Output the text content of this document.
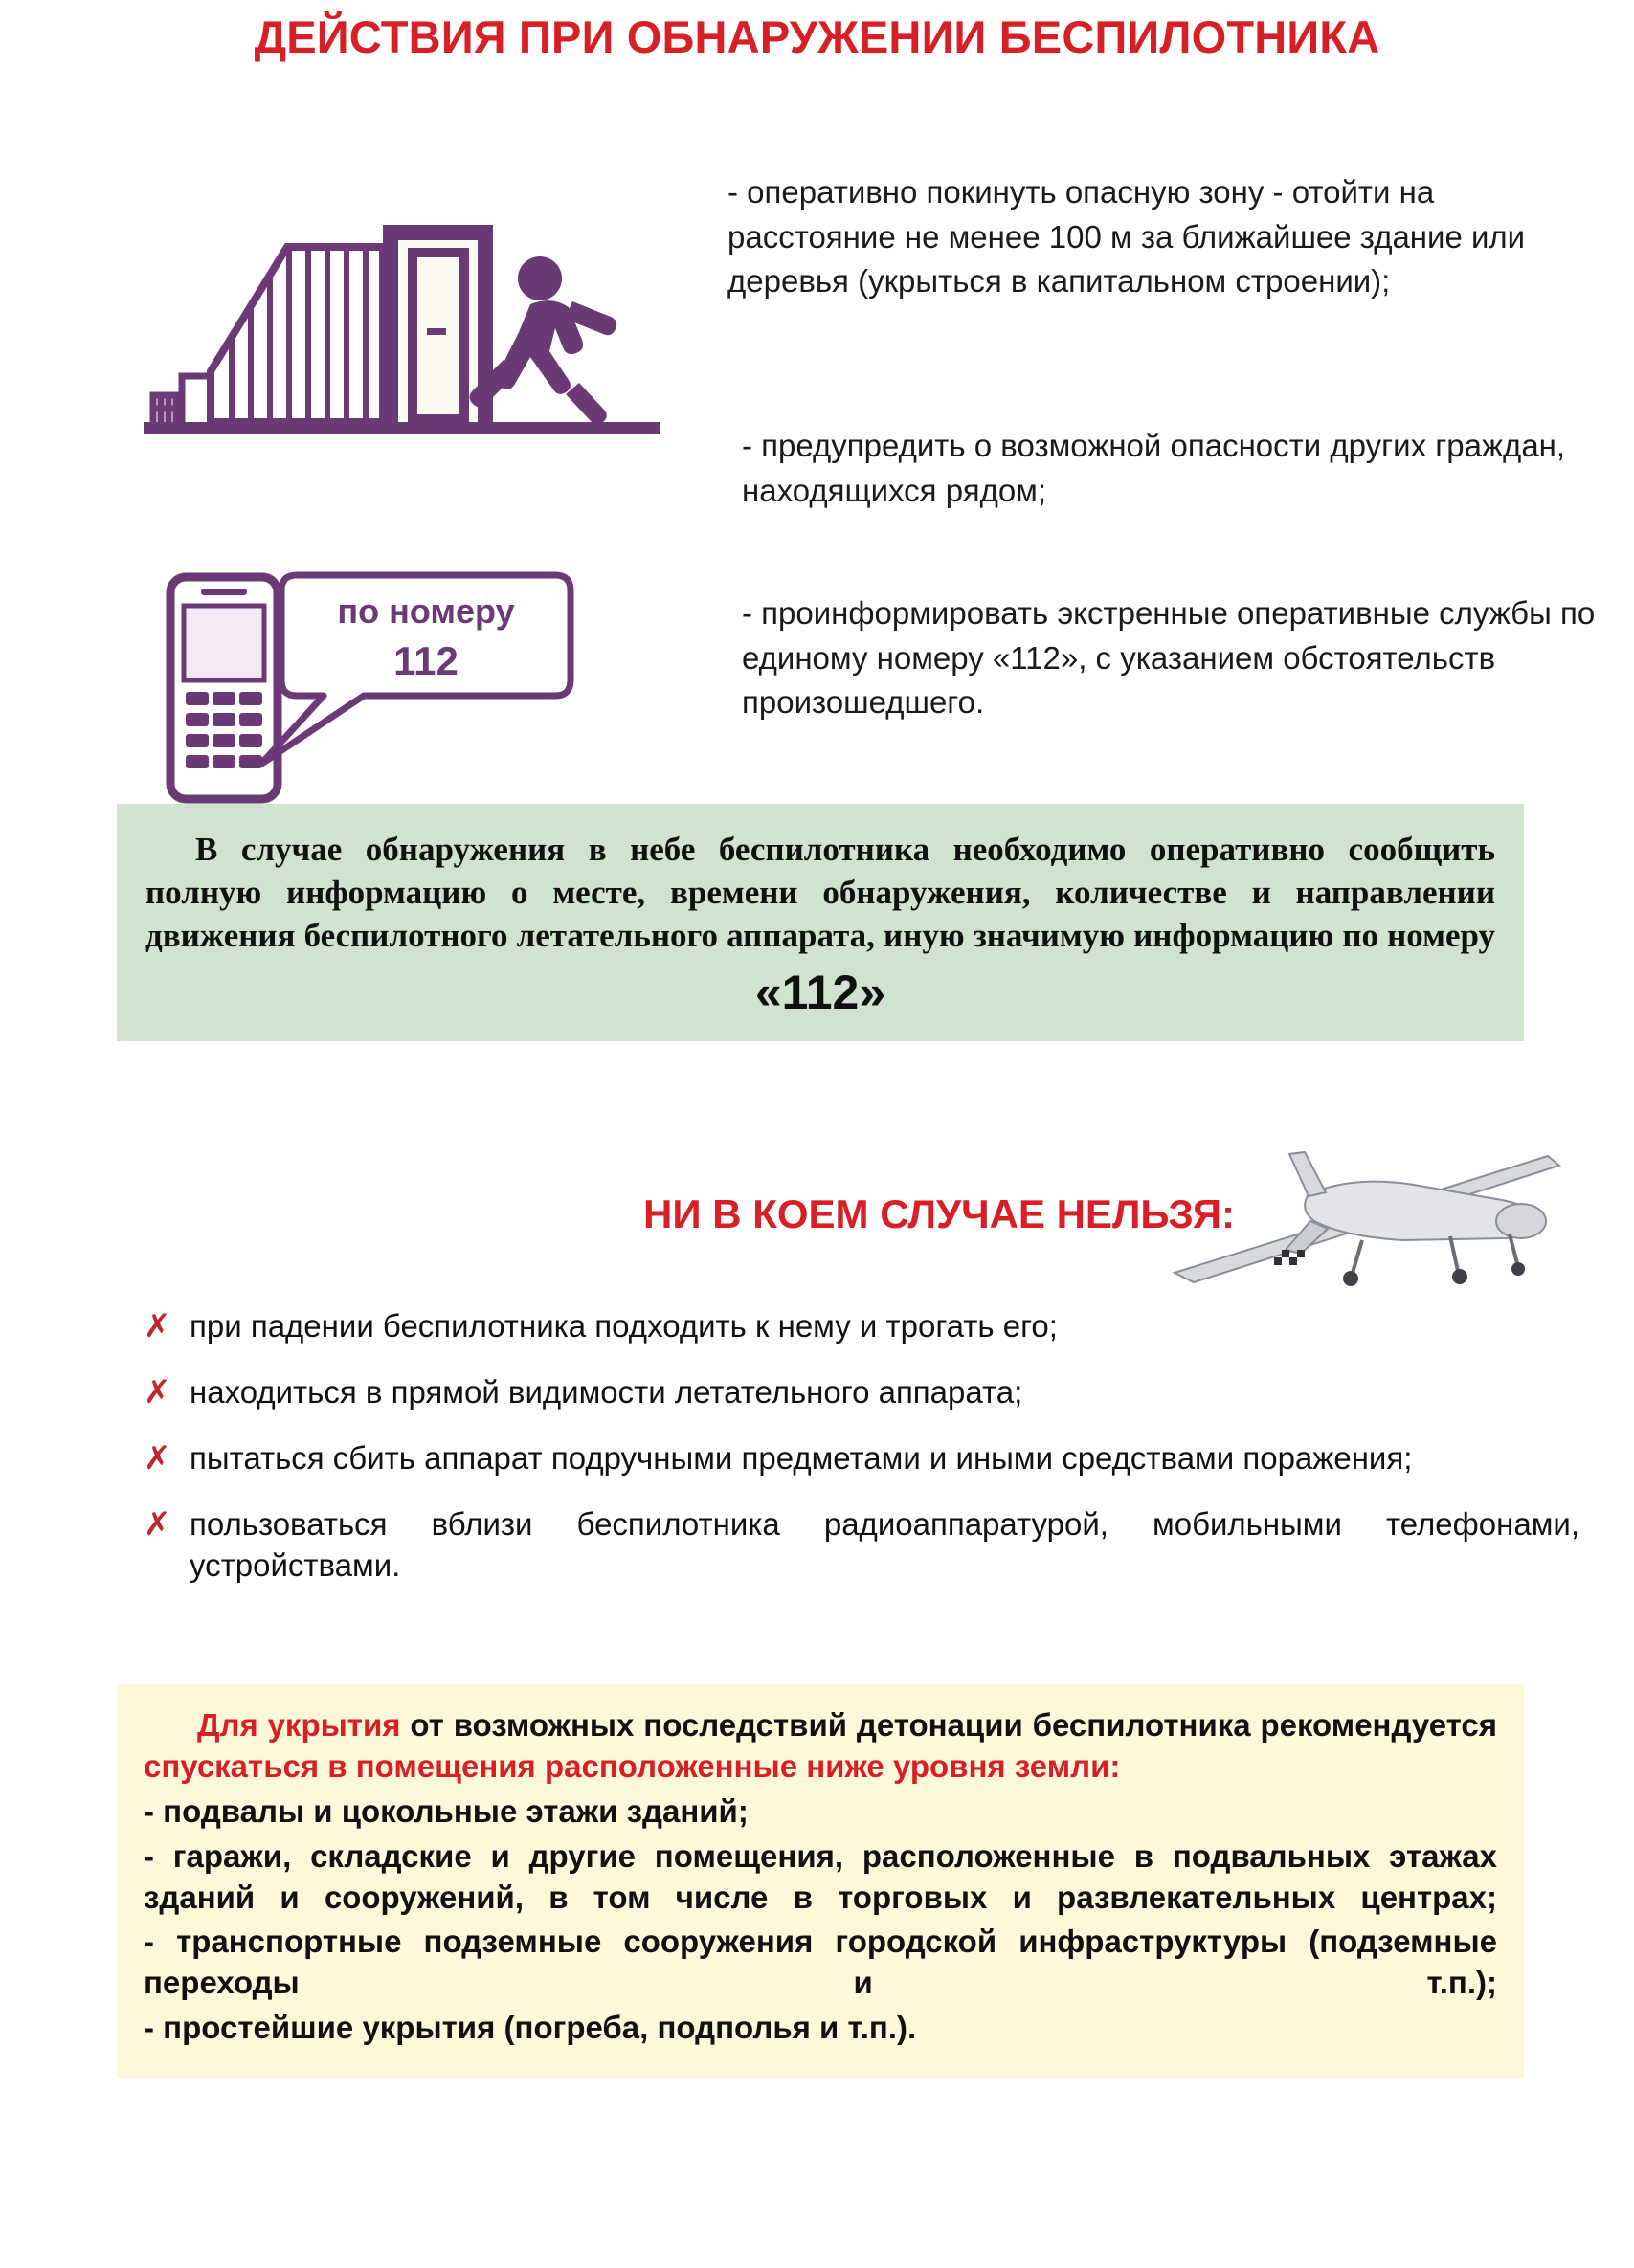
ДЕЙСТВИЯ ПРИ ОБНАРУЖЕНИИ БЕСПИЛОТНИКА
по номеру
112
- оперативно покинуть опасную зону - отойти на расстояние не менее 100 м за ближайшее здание или деревья (укрыться в капитальном строении);
- предупредить о возможной опасности других граждан, находящихся рядом;
- проинформировать экстренные оперативные службы по единому номеру «112», с указанием обстоятельств произошедшего.

В случае обнаружения в небе беспилотника необходимо оперативно сообщить полную информацию о месте, времени обнаружения, количестве и направлении движения беспилотного летательного аппарата, иную значимую информацию по номеру

«112»
НИ В КОЕМ СЛУЧАЕ НЕЛЬЗЯ:
✗ при падении беспилотника подходить к нему и трогать его;
✗ находиться в прямой видимости летательного аппарата;
✗ пытаться сбить аппарат подручными предметами и иными средствами поражения;
✗ пользоваться вблизи беспилотника радиоаппаратурой, мобильными телефонами, устройствами.

Для укрытия от возможных последствий детонации беспилотника рекомендуется спускаться в помещения расположенные ниже уровня земли:

- подвалы и цокольные этажи зданий;

- гаражи, складские и другие помещения, расположенные в подвальных этажах зданий и сооружений, в том числе в торговых и развлекательных центрах;

- транспортные подземные сооружения городской инфраструктуры (подземные переходы и т.п.);

- простейшие укрытия (погреба, подполья и т.п.).
